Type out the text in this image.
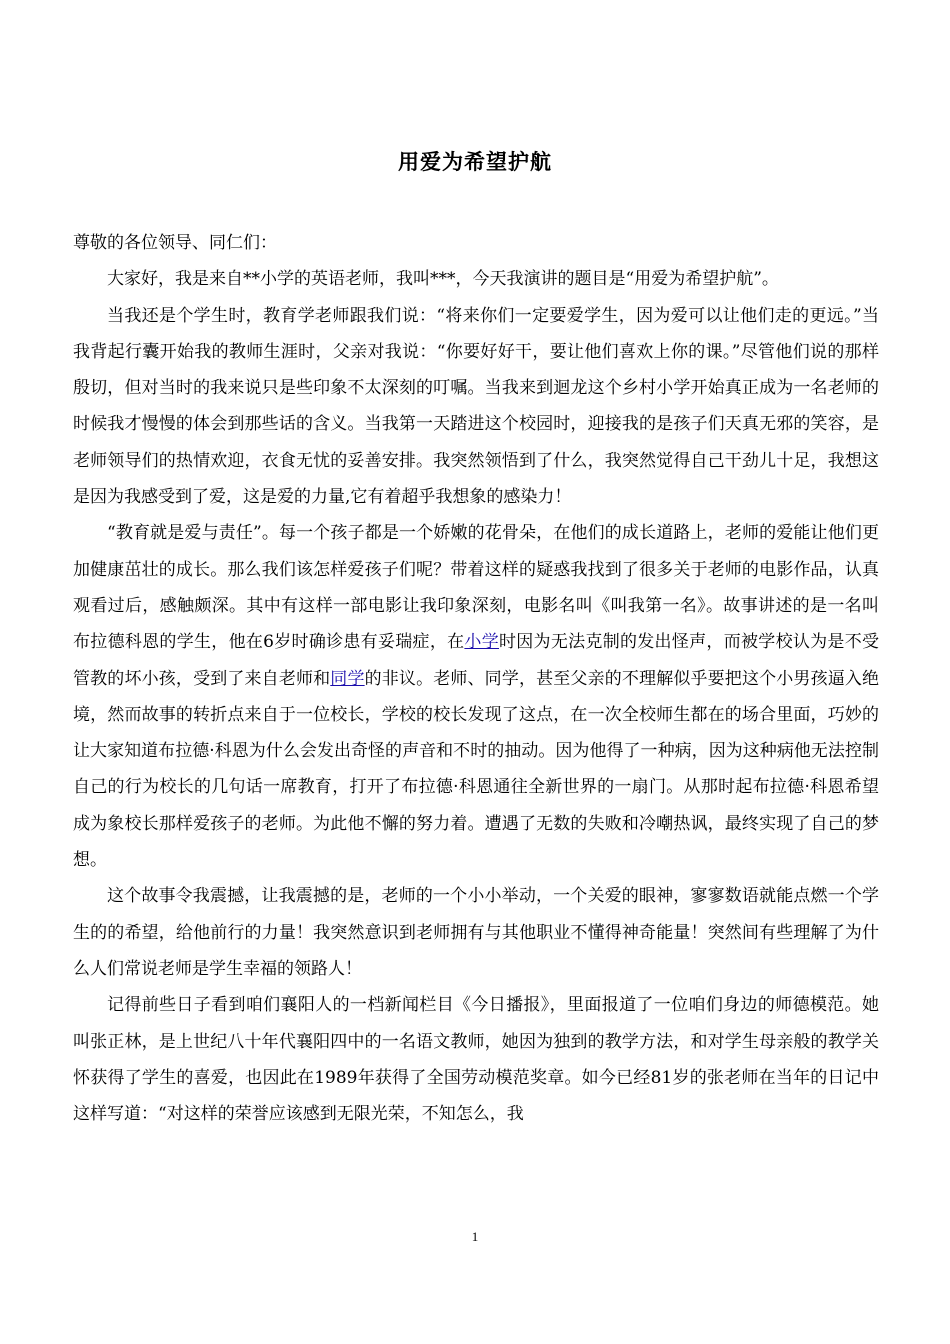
用爱为希望护航

尊敬的各位领导、同仁们：

大家好，我是来自**小学的英语老师，我叫***，今天我演讲的题目是“用爱为希望护航”。

当我还是个学生时，教育学老师跟我们说：“将来你们一定要爱学生，因为爱可以让他们走的更远。”当我背起行囊开始我的教师生涯时，父亲对我说：“你要好好干，要让他们喜欢上你的课。”尽管他们说的那样殷切，但对当时的我来说只是些印象不太深刻的叮嘱。当我来到迴龙这个乡村小学开始真正成为一名老师的时候我才慢慢的体会到那些话的含义。当我第一天踏进这个校园时，迎接我的是孩子们天真无邪的笑容，是老师领导们的热情欢迎，衣食无忧的妥善安排。我突然领悟到了什么，我突然觉得自己干劲儿十足，我想这是因为我感受到了爱，这是爱的力量,它有着超乎我想象的感染力！

“教育就是爱与责任”。每一个孩子都是一个娇嫩的花骨朵，在他们的成长道路上，老师的爱能让他们更加健康茁壮的成长。那么我们该怎样爱孩子们呢？带着这样的疑惑我找到了很多关于老师的电影作品，认真观看过后，感触颇深。其中有这样一部电影让我印象深刻，电影名叫《叫我第一名》。故事讲述的是一名叫布拉德科恩的学生，他在6岁时确诊患有妥瑞症，在小学时因为无法克制的发出怪声，而被学校认为是不受管教的坏小孩，受到了来自老师和同学的非议。老师、同学，甚至父亲的不理解似乎要把这个小男孩逼入绝境，然而故事的转折点来自于一位校长，学校的校长发现了这点，在一次全校师生都在的场合里面，巧妙的让大家知道布拉德·科恩为什么会发出奇怪的声音和不时的抽动。因为他得了一种病，因为这种病他无法控制自己的行为校长的几句话一席教育，打开了布拉德·科恩通往全新世界的一扇门。从那时起布拉德·科恩希望成为象校长那样爱孩子的老师。为此他不懈的努力着。遭遇了无数的失败和冷嘲热讽，最终实现了自己的梦想。

这个故事令我震撼，让我震撼的是，老师的一个小小举动，一个关爱的眼神，寥寥数语就能点燃一个学生的的希望，给他前行的力量！我突然意识到老师拥有与其他职业不懂得神奇能量！突然间有些理解了为什么人们常说老师是学生幸福的领路人！

记得前些日子看到咱们襄阳人的一档新闻栏目《今日播报》，里面报道了一位咱们身边的师德模范。她叫张正林，是上世纪八十年代襄阳四中的一名语文教师，她因为独到的教学方法，和对学生母亲般的教学关怀获得了学生的喜爱，也因此在1989年获得了全国劳动模范奖章。如今已经81岁的张老师在当年的日记中这样写道：“对这样的荣誉应该感到无限光荣，不知怎么，我

1
